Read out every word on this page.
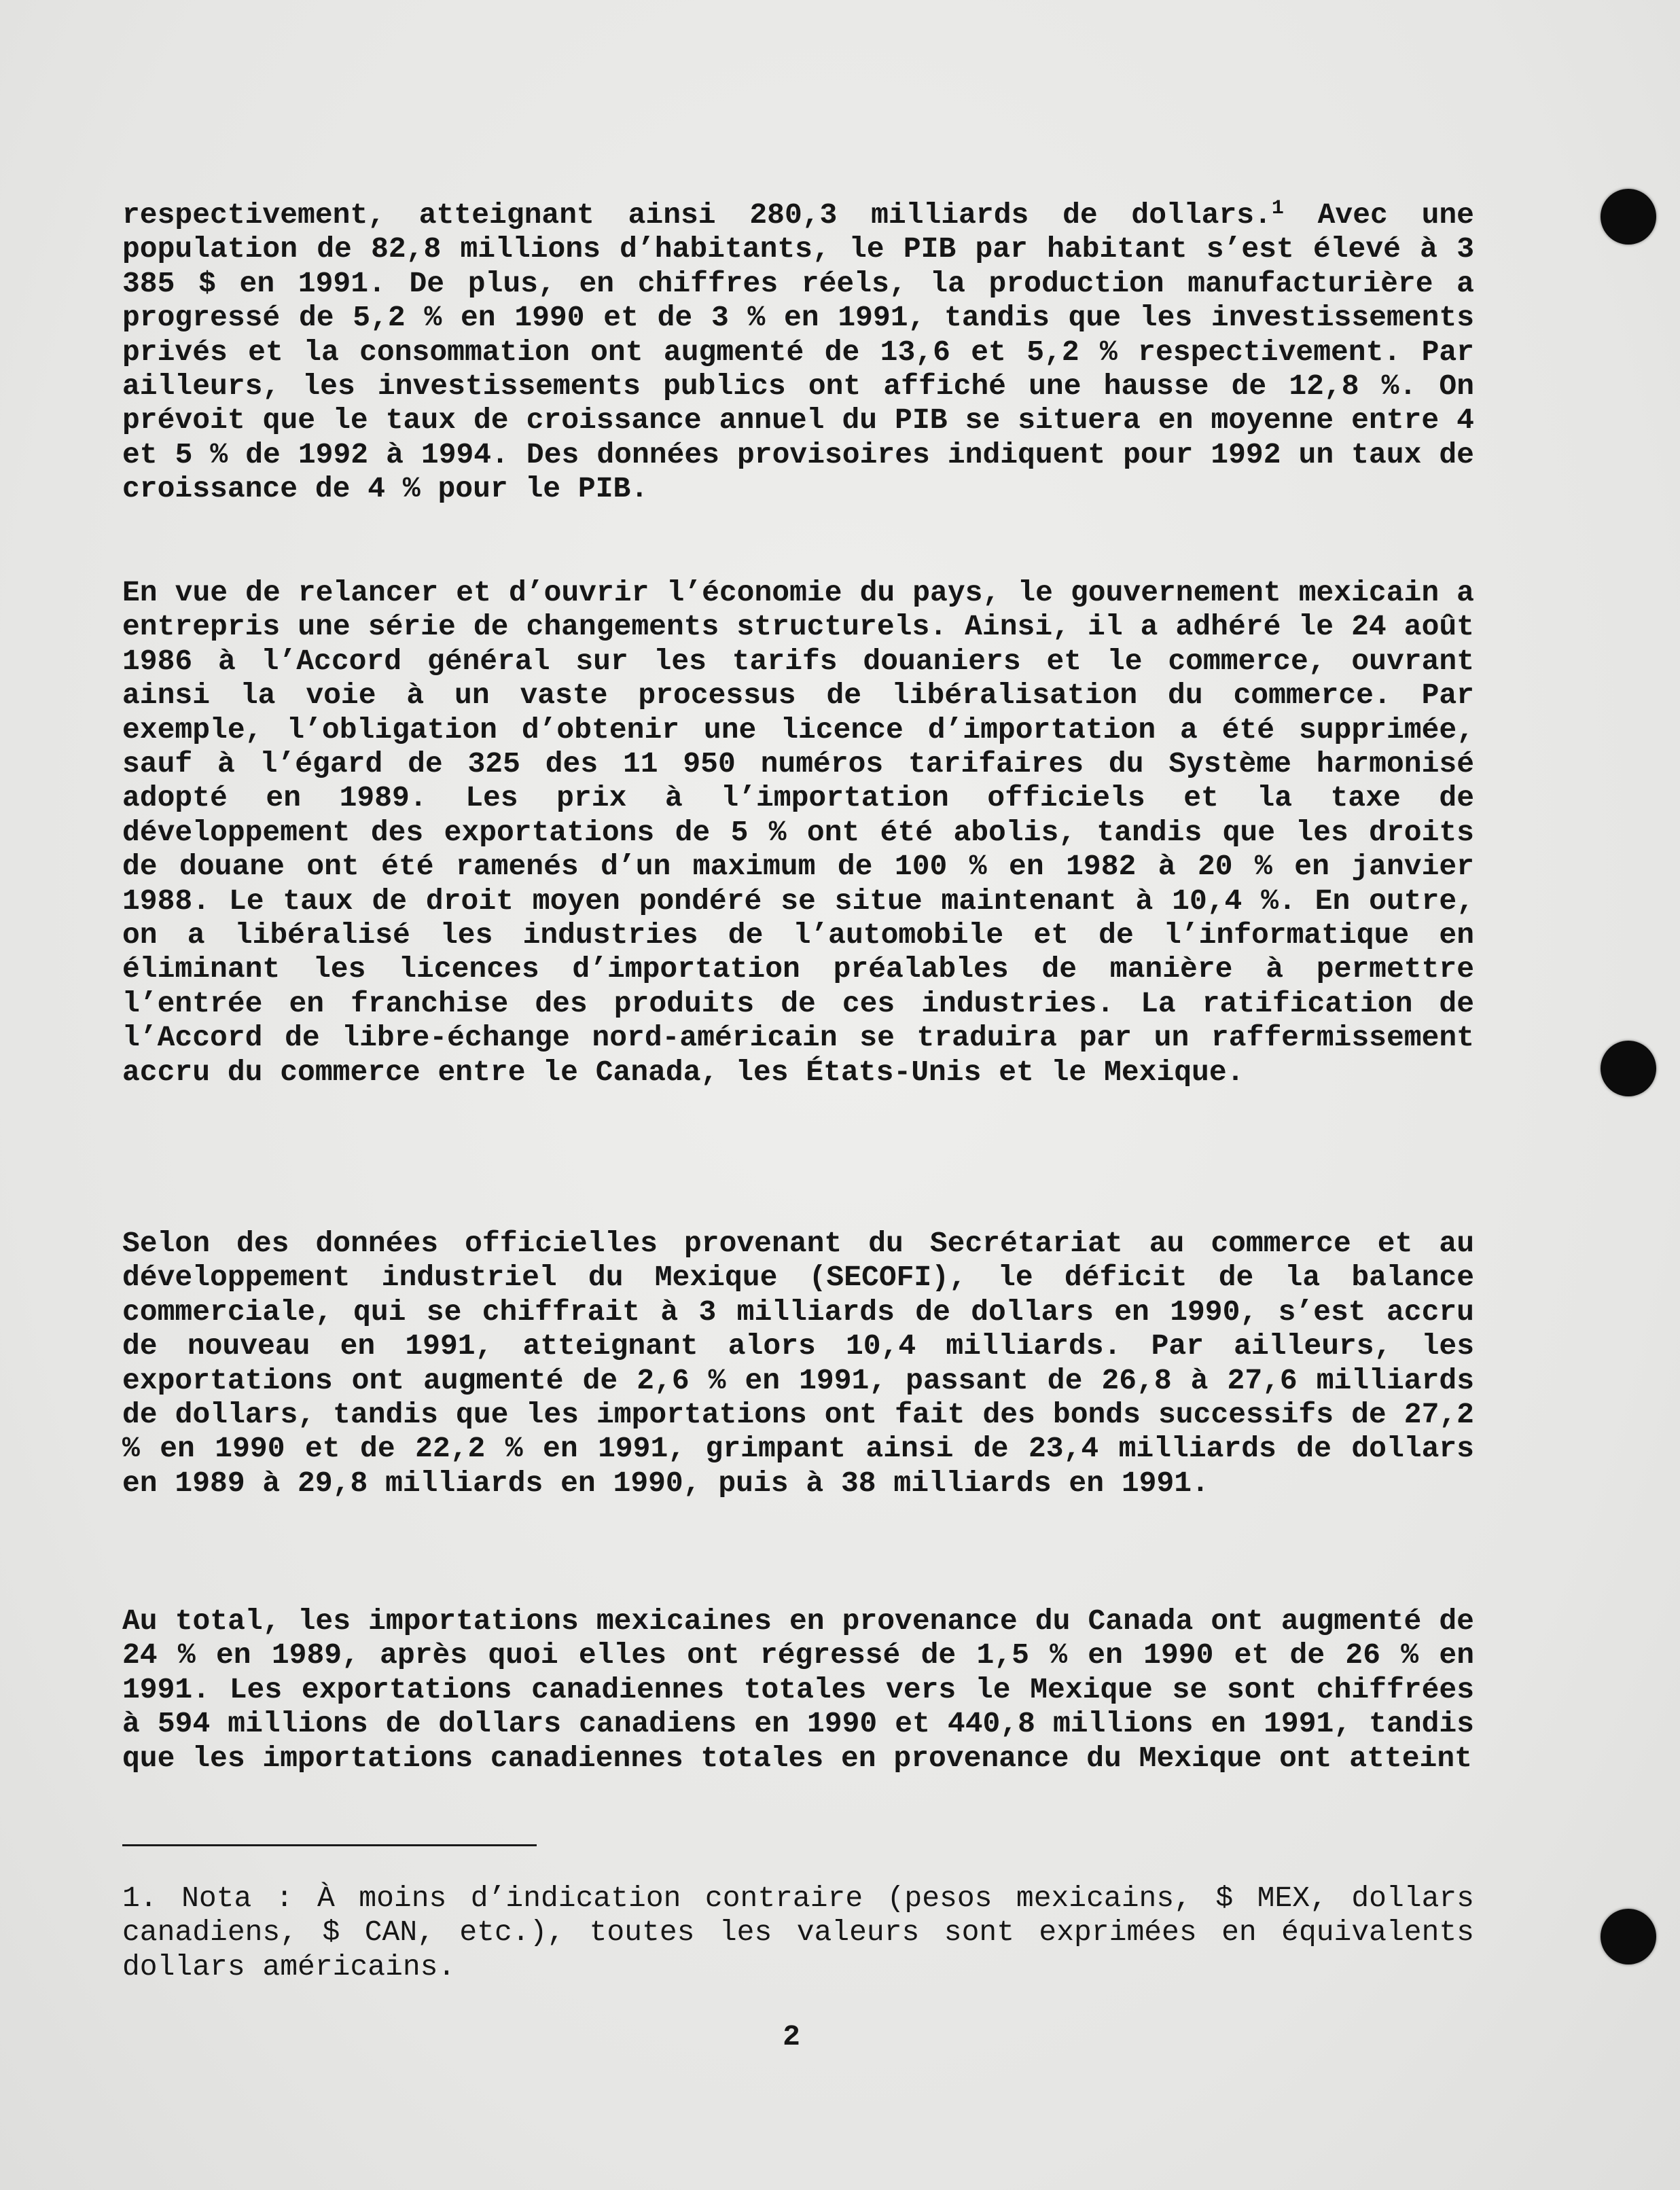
respectivement, atteignant ainsi 280,3 milliards de dollars.$^1$ Avec une population de 82,8 millions d’habitants, le PIB par habitant s’est élevé à 3 385 $ en 1991. De plus, en chiffres réels, la production manufacturière a progressé de 5,2 % en 1990 et de 3 % en 1991, tandis que les investissements privés et la consommation ont augmenté de 13,6 et 5,2 % respectivement. Par ailleurs, les investissements publics ont affiché une hausse de 12,8 %. On prévoit que le taux de croissance annuel du PIB se situera en moyenne entre 4 et 5 % de 1992 à 1994. Des données provisoires indiquent pour 1992 un taux de croissance de 4 % pour le PIB.

En vue de relancer et d’ouvrir l’économie du pays, le gouvernement mexicain a entrepris une série de changements structurels. Ainsi, il a adhéré le 24 août 1986 à l’Accord général sur les tarifs douaniers et le commerce, ouvrant ainsi la voie à un vaste processus de libéralisation du commerce. Par exemple, l’obligation d’obtenir une licence d’importation a été supprimée, sauf à l’égard de 325 des 11 950 numéros tarifaires du Système harmonisé adopté en 1989. Les prix à l’importation officiels et la taxe de développement des exportations de 5 % ont été abolis, tandis que les droits de douane ont été ramenés d’un maximum de 100 % en 1982 à 20 % en janvier 1988. Le taux de droit moyen pondéré se situe maintenant à 10,4 %. En outre, on a libéralisé les industries de l’automobile et de l’informatique en éliminant les licences d’importation préalables de manière à permettre l’entrée en franchise des produits de ces industries. La ratification de l’Accord de libre-échange nord-américain se traduira par un raffermissement accru du commerce entre le Canada, les États-Unis et le Mexique.

Selon des données officielles provenant du Secrétariat au commerce et au développement industriel du Mexique (SECOFI), le déficit de la balance commerciale, qui se chiffrait à 3 milliards de dollars en 1990, s’est accru de nouveau en 1991, atteignant alors 10,4 milliards. Par ailleurs, les exportations ont augmenté de 2,6 % en 1991, passant de 26,8 à 27,6 milliards de dollars, tandis que les importations ont fait des bonds successifs de 27,2 % en 1990 et de 22,2 % en 1991, grimpant ainsi de 23,4 milliards de dollars en 1989 à 29,8 milliards en 1990, puis à 38 milliards en 1991.

Au total, les importations mexicaines en provenance du Canada ont augmenté de 24 % en 1989, après quoi elles ont régressé de 1,5 % en 1990 et de 26 % en 1991. Les exportations canadiennes totales vers le Mexique se sont chiffrées à 594 millions de dollars canadiens en 1990 et 440,8 millions en 1991, tandis que les importations canadiennes totales en provenance du Mexique ont atteint

1. Nota : À moins d’indication contraire (pesos mexicains, $ MEX, dollars canadiens, $ CAN, etc.), toutes les valeurs sont exprimées en équivalents dollars américains.

2
